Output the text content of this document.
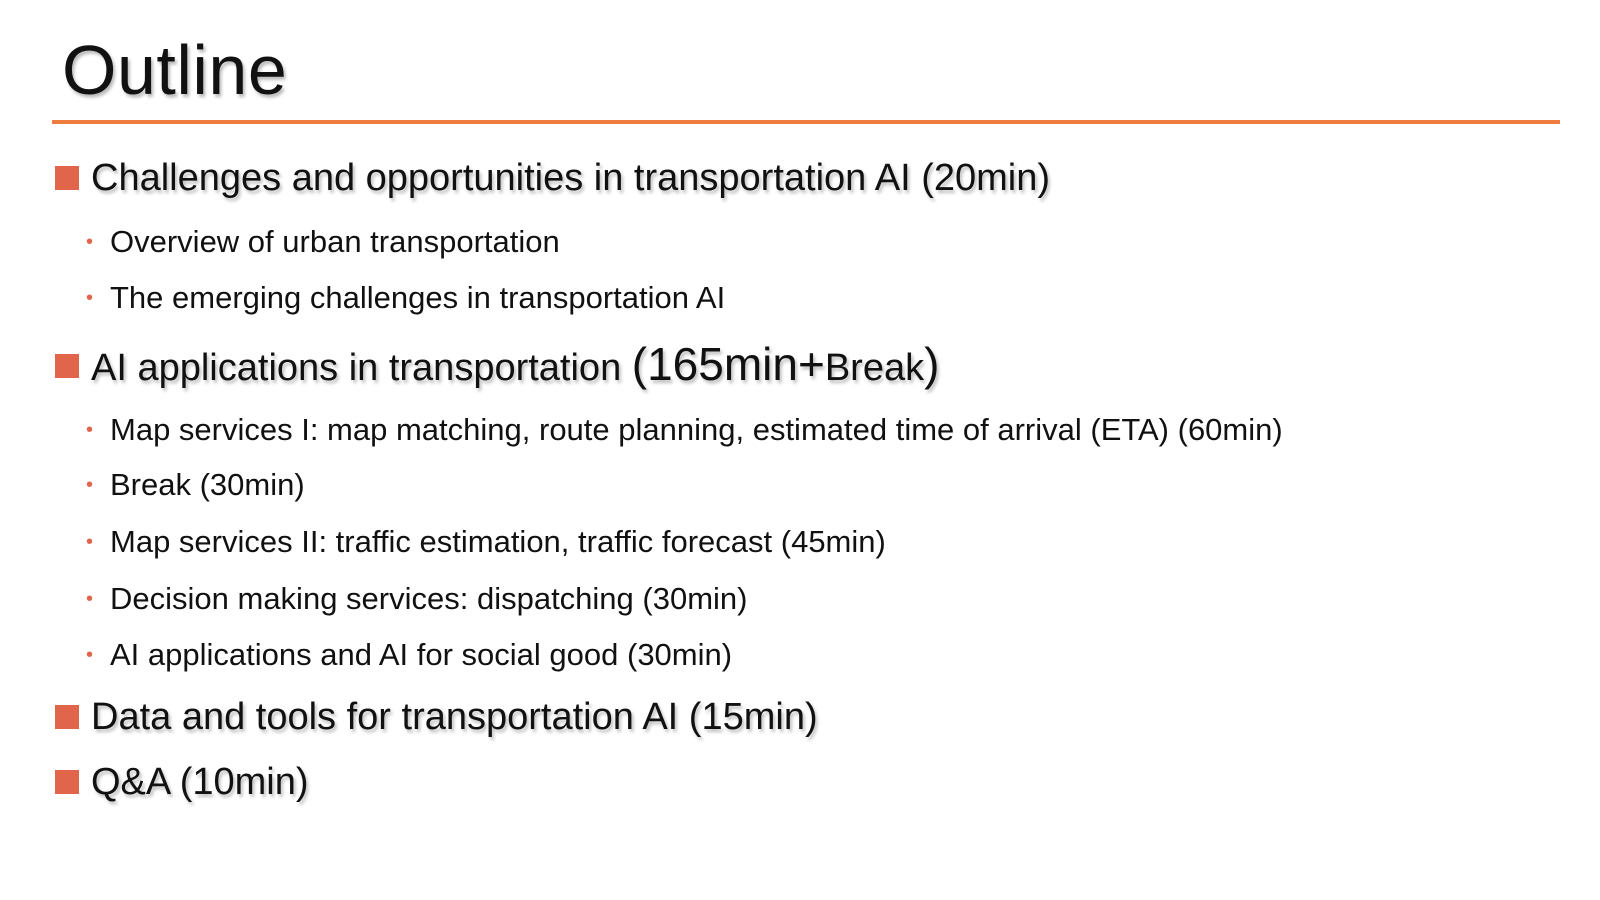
Outline
Challenges and opportunities in transportation AI (20min)
• Overview of urban transportation
• The emerging challenges in transportation AI
AI applications in transportation (165min+Break)
• Map services I: map matching, route planning, estimated time of arrival (ETA) (60min)
• Break (30min)
• Map services II: traffic estimation, traffic forecast (45min)
• Decision making services: dispatching (30min)
• AI applications and AI for social good (30min)
Data and tools for transportation AI (15min)
Q&A (10min)
